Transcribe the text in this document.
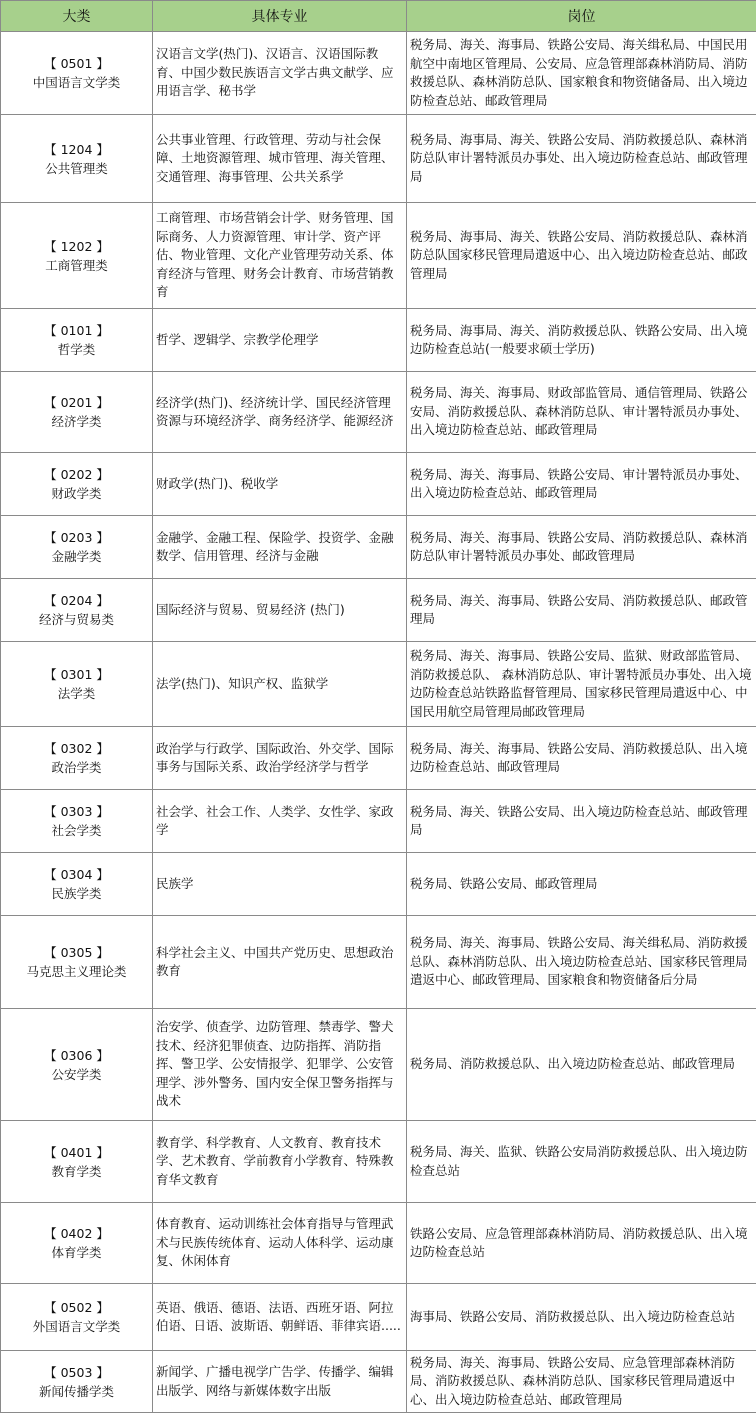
大类	具体专业	岗位

【 0501 】
中国语言文学类	汉语言文学(热门)、汉语言、汉语国际教育、中国少数民族语言文学古典文献学、应用语言学、秘书学	税务局、海关、海事局、铁路公安局、海关缉私局、中国民用航空中南地区管理局、公安局、应急管理部森林消防局、消防救援总队、森林消防总队、国家粮食和物资储备局、出入境边防检查总站、邮政管理局

【 1204 】
公共管理类	公共事业管理、行政管理、劳动与社会保障、土地资源管理、城市管理、海关管理、交通管理、海事管理、公共关系学	税务局、海事局、海关、铁路公安局、消防救援总队、森林消防总队审计署特派员办事处、出入境边防检查总站、邮政管理局

【 1202 】
工商管理类	工商管理、市场营销会计学、财务管理、国际商务、人力资源管理、审计学、资产评估、物业管理、文化产业管理劳动关系、体育经济与管理、财务会计教育、市场营销教育	税务局、海事局、海关、铁路公安局、消防救援总队、森林消防总队国家移民管理局遣返中心、出入境边防检查总站、邮政管理局

【 0101 】
哲学类	哲学、逻辑学、宗教学伦理学	税务局、海事局、海关、消防救援总队、铁路公安局、出入境边防检查总站(一般要求硕士学历)

【 0201 】
经济学类	经济学(热门)、经济统计学、国民经济管理资源与环境经济学、商务经济学、能源经济	税务局、海关、海事局、财政部监管局、通信管理局、铁路公安局、消防救援总队、森林消防总队、审计署特派员办事处、出入境边防检查总站、邮政管理局

【 0202 】
财政学类	财政学(热门)、税收学	税务局、海关、海事局、铁路公安局、审计署特派员办事处、出入境边防检查总站、邮政管理局

【 0203 】
金融学类	金融学、金融工程、保险学、投资学、金融数学、信用管理、经济与金融	税务局、海关、海事局、铁路公安局、消防救援总队、森林消防总队审计署特派员办事处、邮政管理局

【 0204 】
经济与贸易类	国际经济与贸易、贸易经济 (热门)	税务局、海关、海事局、铁路公安局、消防救援总队、邮政管理局

【 0301 】
法学类	法学(热门)、知识产权、监狱学	税务局、海关、海事局、铁路公安局、监狱、财政部监管局、消防救援总队、 森林消防总队、审计署特派员办事处、出入境边防检查总站铁路监督管理局、国家移民管理局遣返中心、中国民用航空局管理局邮政管理局

【 0302 】
政治学类	政治学与行政学、国际政治、外交学、国际事务与国际关系、政治学经济学与哲学	税务局、海关、海事局、铁路公安局、消防救援总队、出入境边防检查总站、邮政管理局

【 0303 】
社会学类	社会学、社会工作、人类学、女性学、家政学	税务局、海关、铁路公安局、出入境边防检查总站、邮政管理局

【 0304 】
民族学类	民族学	税务局、铁路公安局、邮政管理局

【 0305 】
马克思主义理论类	科学社会主义、中国共产党历史、思想政治教育	税务局、海关、海事局、铁路公安局、海关缉私局、消防救援总队、森林消防总队、出入境边防检查总站、国家移民管理局遣返中心、邮政管理局、国家粮食和物资储备后分局

【 0306 】
公安学类	治安学、侦查学、边防管理、禁毒学、警犬技术、经济犯罪侦查、边防指挥、消防指挥、警卫学、公安情报学、犯罪学、公安管理学、涉外警务、国内安全保卫警务指挥与战术	税务局、消防救援总队、出入境边防检查总站、邮政管理局

【 0401 】
教育学类	教育学、科学教育、人文教育、教育技术学、艺术教育、学前教育小学教育、特殊教育华文教育	税务局、海关、监狱、铁路公安局消防救援总队、出入境边防检查总站

【 0402 】
体育学类	体育教育、运动训练社会体育指导与管理武术与民族传统体育、运动人体科学、运动康复、休闲体育	铁路公安局、应急管理部森林消防局、消防救援总队、出入境边防检查总站

【 0502 】
外国语言文学类	英语、俄语、德语、法语、西班牙语、阿拉伯语、日语、波斯语、朝鲜语、菲律宾语.....	海事局、铁路公安局、消防救援总队、出入境边防检查总站

【 0503 】
新闻传播学类	新闻学、广播电视学广告学、传播学、编辑出版学、网络与新媒体数字出版	税务局、海关、海事局、铁路公安局、应急管理部森林消防局、消防救援总队、森林消防总队、国家移民管理局遣返中心、出入境边防检查总站、邮政管理局
